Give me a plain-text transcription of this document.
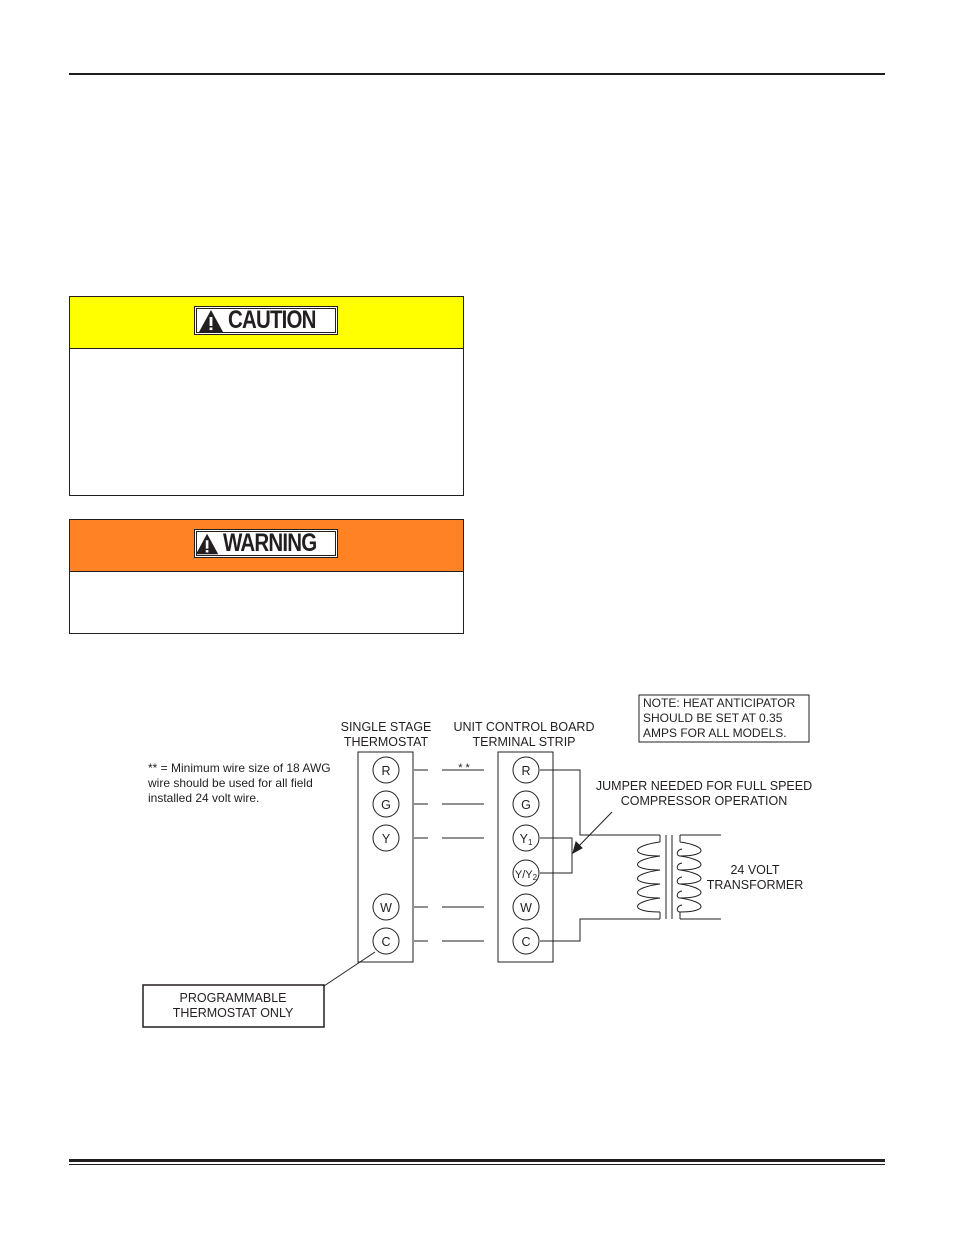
CAUTION
WARNING
SINGLE STAGE
THERMOSTAT
UNIT CONTROL BOARD
TERMINAL STRIP
R
G
Y
W
C
R
G
Y1
Y/Y2
W
C
* *
JUMPER NEEDED FOR FULL SPEED
COMPRESSOR OPERATION
24 VOLT
TRANSFORMER
PROGRAMMABLE
THERMOSTAT ONLY
NOTE: HEAT ANTICIPATOR
SHOULD BE SET AT 0.35
AMPS FOR ALL MODELS.
** = Minimum wire size of 18 AWG
wire should be used for all field
installed 24 volt wire.
